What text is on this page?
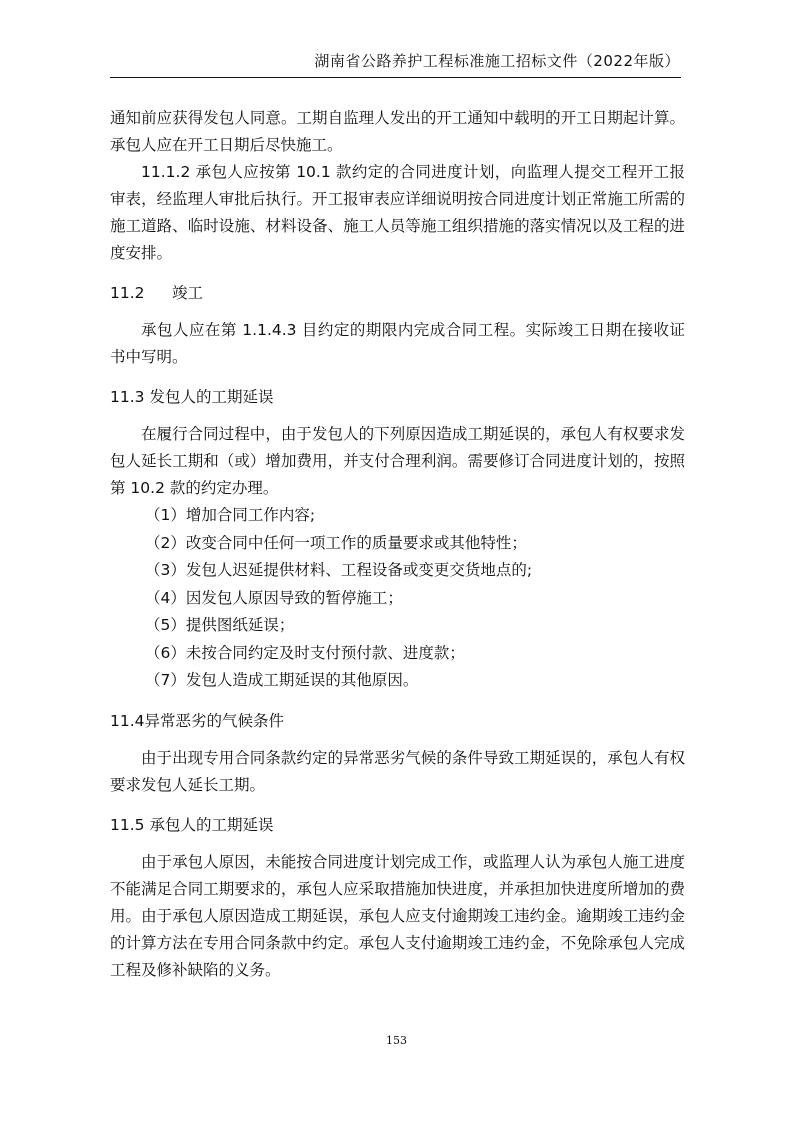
湖南省公路养护工程标准施工招标文件（2022年版）

通知前应获得发包人同意。工期自监理人发出的开工通知中载明的开工日期起计算。承包人应在开工日期后尽快施工。

11.1.2 承包人应按第 10.1 款约定的合同进度计划，向监理人提交工程开工报审表，经监理人审批后执行。开工报审表应详细说明按合同进度计划正常施工所需的施工道路、临时设施、材料设备、施工人员等施工组织措施的落实情况以及工程的进度安排。

11.2 竣工

承包人应在第 1.1.4.3 目约定的期限内完成合同工程。实际竣工日期在接收证书中写明。

11.3 发包人的工期延误

在履行合同过程中，由于发包人的下列原因造成工期延误的，承包人有权要求发包人延长工期和（或）增加费用，并支付合理利润。需要修订合同进度计划的，按照第 10.2 款的约定办理。

（1）增加合同工作内容;
（2）改变合同中任何一项工作的质量要求或其他特性；
（3）发包人迟延提供材料、工程设备或变更交货地点的;
（4）因发包人原因导致的暂停施工；
（5）提供图纸延误；
（6）未按合同约定及时支付预付款、进度款；
（7）发包人造成工期延误的其他原因。
11.4异常恶劣的气候条件

由于出现专用合同条款约定的异常恶劣气候的条件导致工期延误的，承包人有权要求发包人延长工期。

11.5 承包人的工期延误

由于承包人原因，未能按合同进度计划完成工作，或监理人认为承包人施工进度不能满足合同工期要求的，承包人应采取措施加快进度，并承担加快进度所增加的费用。由于承包人原因造成工期延误，承包人应支付逾期竣工违约金。逾期竣工违约金的计算方法在专用合同条款中约定。承包人支付逾期竣工违约金，不免除承包人完成工程及修补缺陷的义务。

153
